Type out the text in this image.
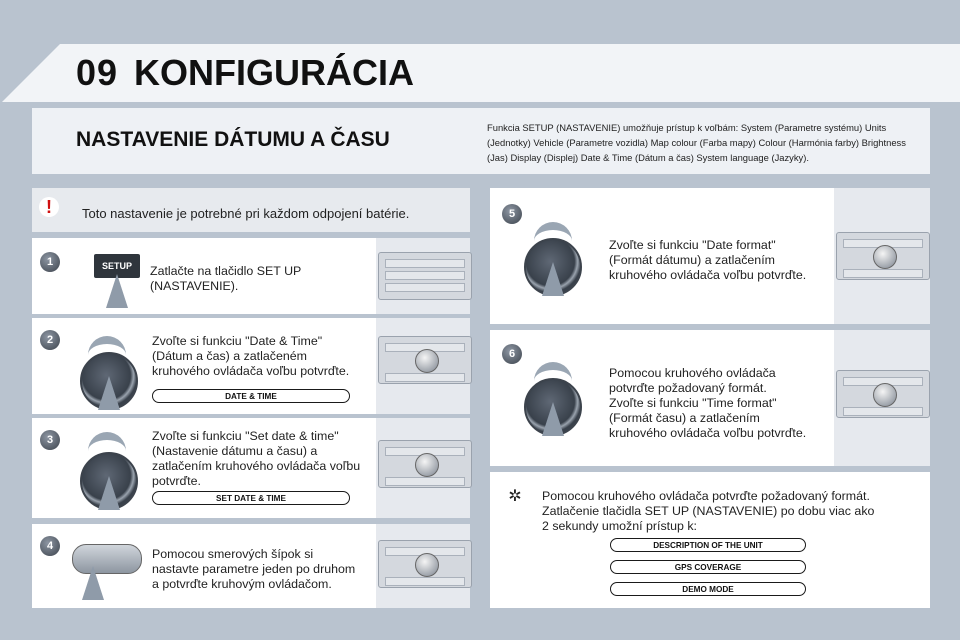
09 KONFIGURÁCIA
NASTAVENIE DÁTUMU A ČASU
Funkcia SETUP (NASTAVENIE) umožňuje prístup k voľbám: System (Parametre systému) Units (Jednotky) Vehicle (Parametre vozidla) Map colour (Farba mapy) Colour (Harmónia farby) Brightness (Jas) Display (Displej) Date & Time (Dátum a čas) System language (Jazyky).
! Toto nastavenie je potrebné pri každom odpojení batérie.
1	SETUP	Zatlačte na tlačidlo SET UP
(NASTAVENIE).
2	Zvoľte si funkciu "Date & Time"
(Dátum a čas) a zatlačeném
kruhového ovládača voľbu potvrďte.
DATE & TIME
3	Zvoľte si funkciu "Set date & time"
(Nastavenie dátumu a času) a
zatlačením kruhového ovládača voľbu
potvrďte.
SET DATE & TIME
4
Pomocou smerových šípok si
nastavte parametre jeden po druhom
a potvrďte kruhovým ovládačom.
5
Zvoľte si funkciu "Date format"
(Formát dátumu) a zatlačením
kruhového ovládača voľbu potvrďte.
6
Pomocou kruhového ovládača
potvrďte požadovaný formát.
Zvoľte si funkciu "Time format"
(Formát času) a zatlačením
kruhového ovládača voľbu potvrďte.
✲ Pomocou kruhového ovládača potvrďte požadovaný formát.
Zatlačenie tlačidla SET UP (NASTAVENIE) po dobu viac ako
2 sekundy umožní prístup k:
DESCRIPTION OF THE UNIT
GPS COVERAGE
DEMO MODE
